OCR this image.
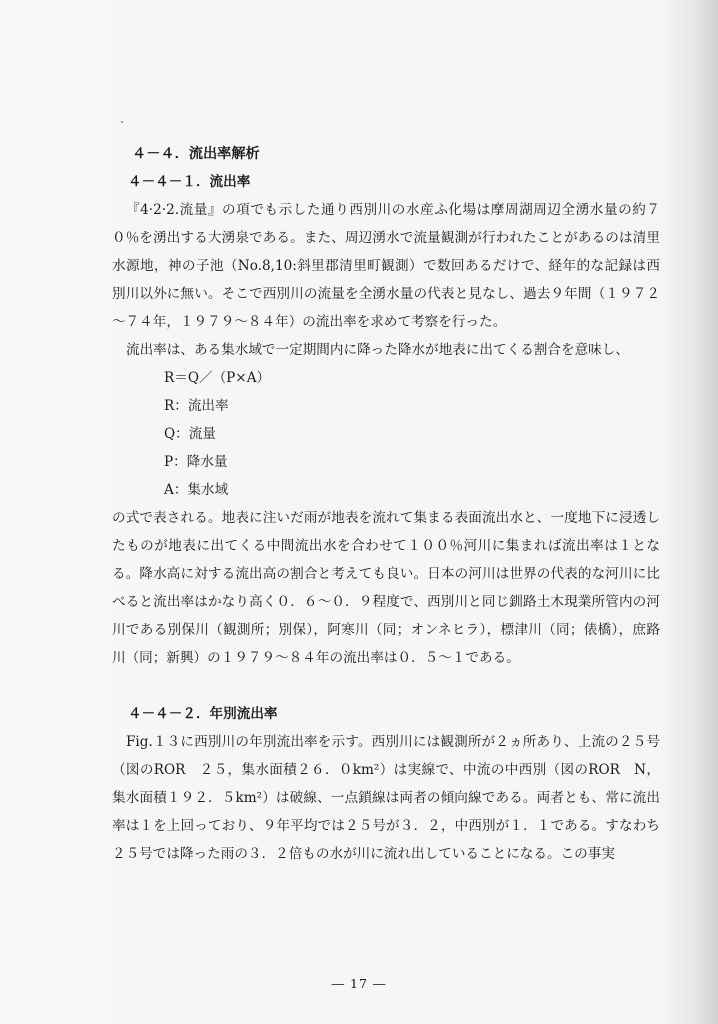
４－４．流出率解析
４－４－１．流出率

『4·2·2.流量』の項でも示した通り西別川の水産ふ化場は摩周湖周辺全湧水量の約７０％を湧出する大湧泉である。また、周辺湧水で流量観測が行われたことがあるのは清里水源地，神の子池（No.8,10:斜里郡清里町観測）で数回あるだけで、経年的な記録は西別川以外に無い。そこで西別川の流量を全湧水量の代表と見なし、過去９年間（１９７２～７４年，１９７９～８４年）の流出率を求めて考察を行った。

流出率は、ある集水域で一定期間内に降った降水が地表に出てくる割合を意味し、

R＝Q／（P×A）
R：流出率
Q：流量
P：降水量
A：集水域

の式で表される。地表に注いだ雨が地表を流れて集まる表面流出水と、一度地下に浸透したものが地表に出てくる中間流出水を合わせて１００％河川に集まれば流出率は１となる。降水高に対する流出高の割合と考えても良い。日本の河川は世界の代表的な河川に比べると流出率はかなり高く０．６～０．９程度で、西別川と同じ釧路土木現業所管内の河川である別保川（観測所；別保），阿寒川（同；オンネヒラ），標津川（同；俵橋），庶路川（同；新興）の１９７９～８４年の流出率は０．５～１である。

４－４－２．年別流出率

Fig.１３に西別川の年別流出率を示す。西別川には観測所が２ヵ所あり、上流の２５号（図のROR　２５，集水面積２６．０km²）は実線で、中流の中西別（図のROR　N，集水面積１９２．５km²）は破線、一点鎖線は両者の傾向線である。両者とも、常に流出率は１を上回っており、９年平均では２５号が３．２，中西別が１．１である。すなわち２５号では降った雨の３．２倍もの水が川に流れ出していることになる。この事実

― 17 ―
